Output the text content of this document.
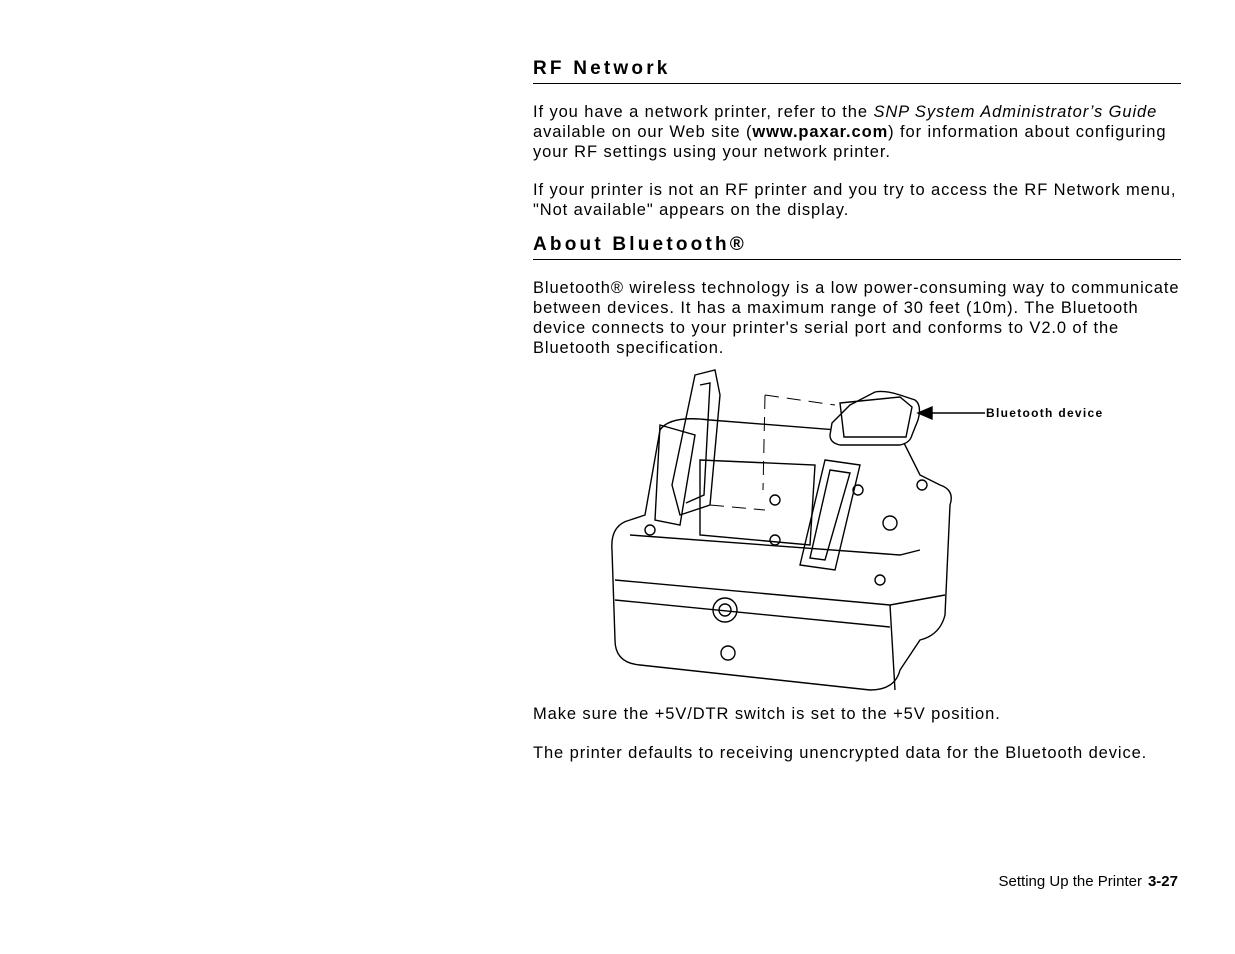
RF Network
If you have a network printer, refer to the SNP System Administrator’s Guide available on our Web site (www.paxar.com) for information about configuring your RF settings using your network printer.
If your printer is not an RF printer and you try to access the RF Network menu, "Not available" appears on the display.
About Bluetooth®
Bluetooth® wireless technology is a low power-consuming way to communicate between devices. It has a maximum range of 30 feet (10m). The Bluetooth device connects to your printer's serial port and conforms to V2.0 of the Bluetooth specification.
Bluetooth device
Make sure the +5V/DTR switch is set to the +5V position.
The printer defaults to receiving unencrypted data for the Bluetooth device.
Setting Up the Printer 3-27
